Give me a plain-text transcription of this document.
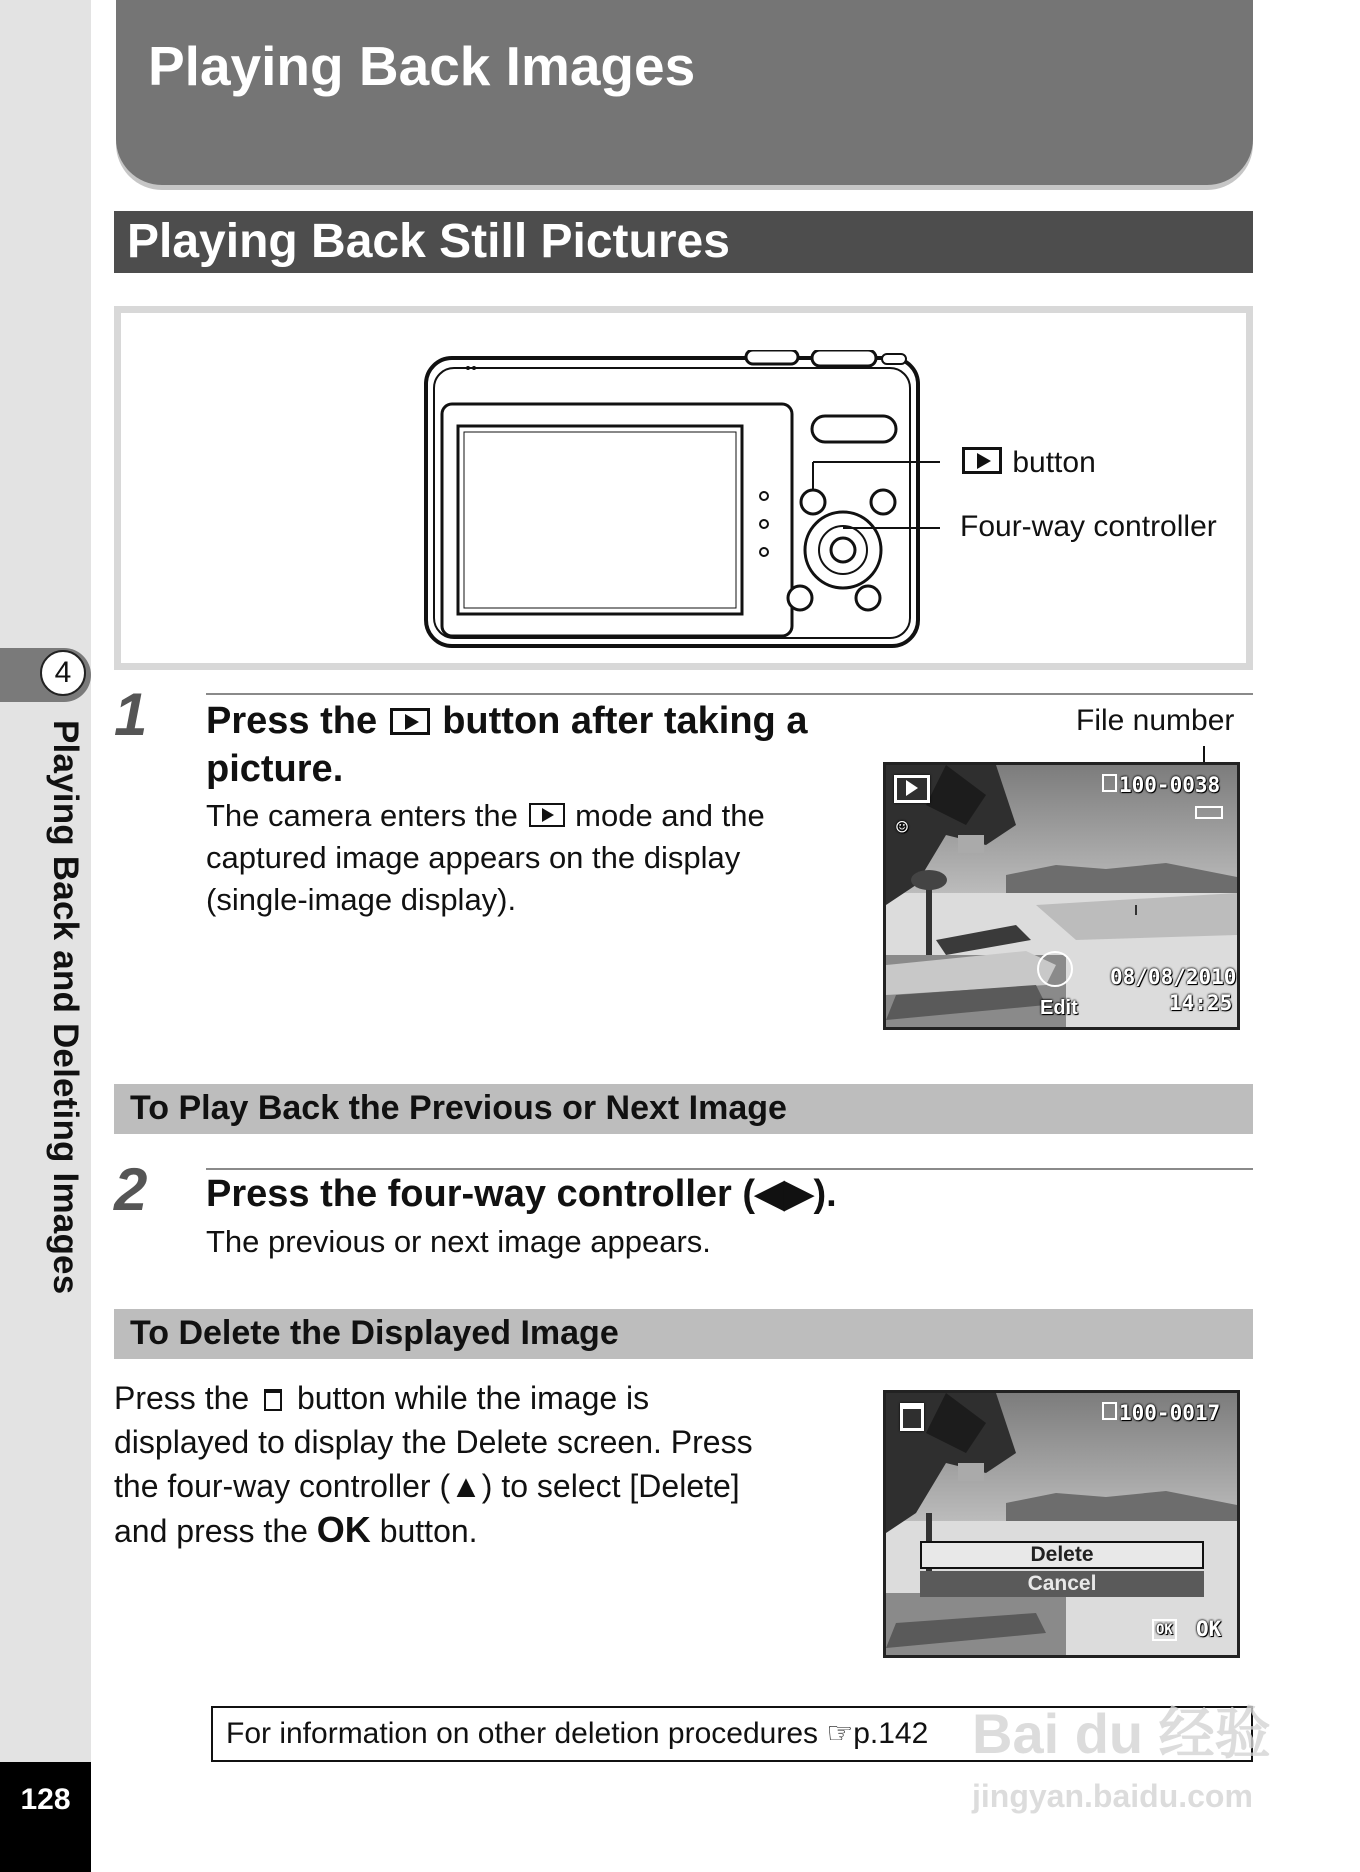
4
Playing Back and Deleting Images
128
Playing Back Images
Playing Back Still Pictures
button
Four-way controller
1 Press the button after taking a
picture.
The camera enters the mode and the
captured image appears on the display
(single-image display).
File number
☺
100-0038
08/08/2010
14:25
Edit
To Play Back the Previous or Next Image
2 Press the four-way controller (◀▶).
The previous or next image appears.
To Delete the Displayed Image
Press the button while the image is
displayed to display the Delete screen. Press
the four-way controller (▲) to select [Delete]
and press the OK button.
100-0017
Delete
Cancel
OK OK
For information on other deletion procedures ☞p.142 Bai du 经验
jingyan.baidu.com
